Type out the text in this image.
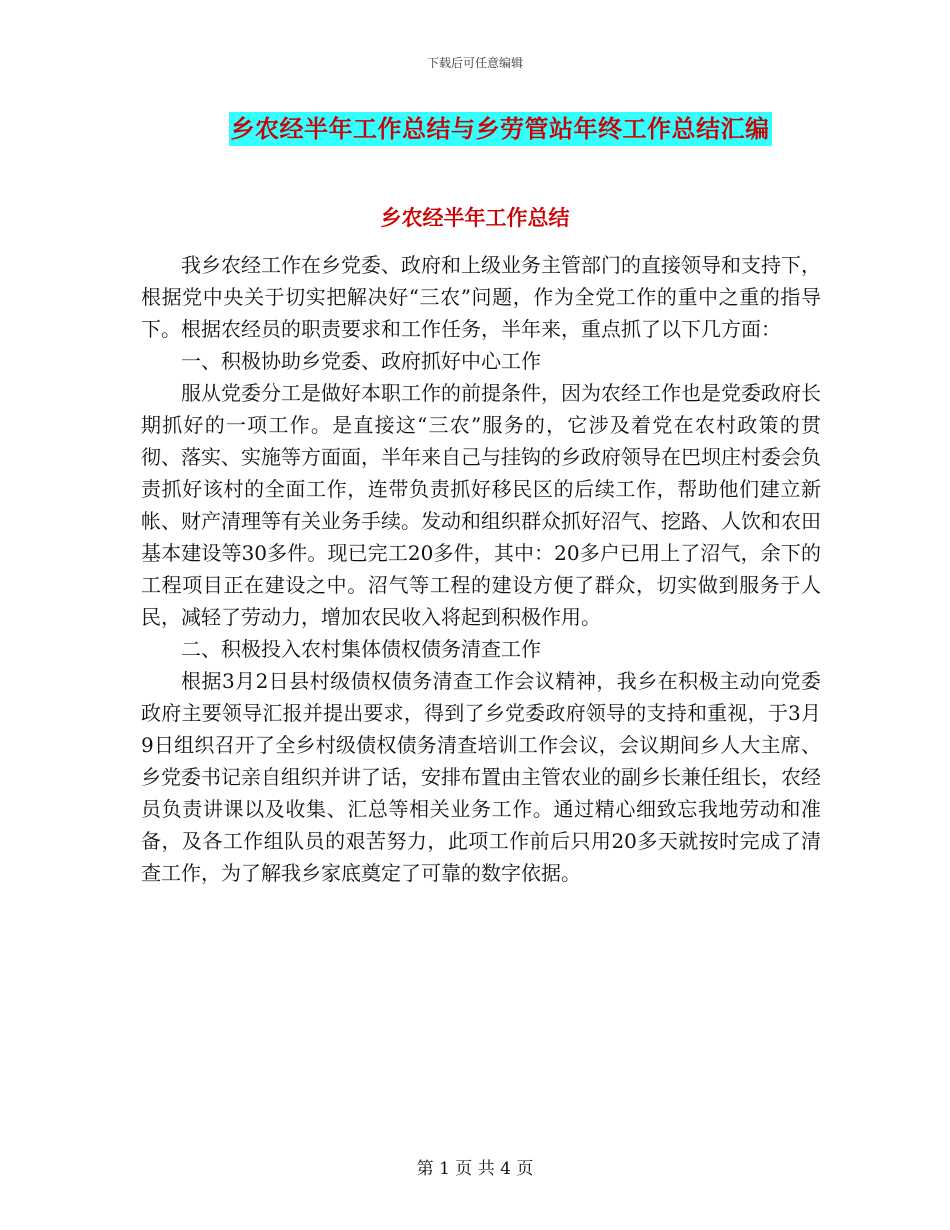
下载后可任意编辑
乡农经半年工作总结与乡劳管站年终工作总结汇编
乡农经半年工作总结

我乡农经工作在乡党委、政府和上级业务主管部门的直接领导和支持下，根据党中央关于切实把解决好“三农”问题，作为全党工作的重中之重的指导下。根据农经员的职责要求和工作任务，半年来，重点抓了以下几方面：

一、积极协助乡党委、政府抓好中心工作

服从党委分工是做好本职工作的前提条件，因为农经工作也是党委政府长期抓好的一项工作。是直接这“三农”服务的，它涉及着党在农村政策的贯彻、落实、实施等方面面，半年来自己与挂钩的乡政府领导在巴坝庄村委会负责抓好该村的全面工作，连带负责抓好移民区的后续工作，帮助他们建立新帐、财产清理等有关业务手续。发动和组织群众抓好沼气、挖路、人饮和农田基本建设等30多件。现已完工20多件，其中：20多户已用上了沼气，余下的工程项目正在建设之中。沼气等工程的建设方便了群众，切实做到服务于人民，减轻了劳动力，增加农民收入将起到积极作用。

二、积极投入农村集体债权债务清查工作

根据3月2日县村级债权债务清查工作会议精神，我乡在积极主动向党委政府主要领导汇报并提出要求，得到了乡党委政府领导的支持和重视，于3月9日组织召开了全乡村级债权债务清查培训工作会议，会议期间乡人大主席、乡党委书记亲自组织并讲了话，安排布置由主管农业的副乡长兼任组长，农经员负责讲课以及收集、汇总等相关业务工作。通过精心细致忘我地劳动和准备，及各工作组队员的艰苦努力，此项工作前后只用20多天就按时完成了清查工作，为了解我乡家底奠定了可靠的数字依据。

第 1 页 共 4 页
